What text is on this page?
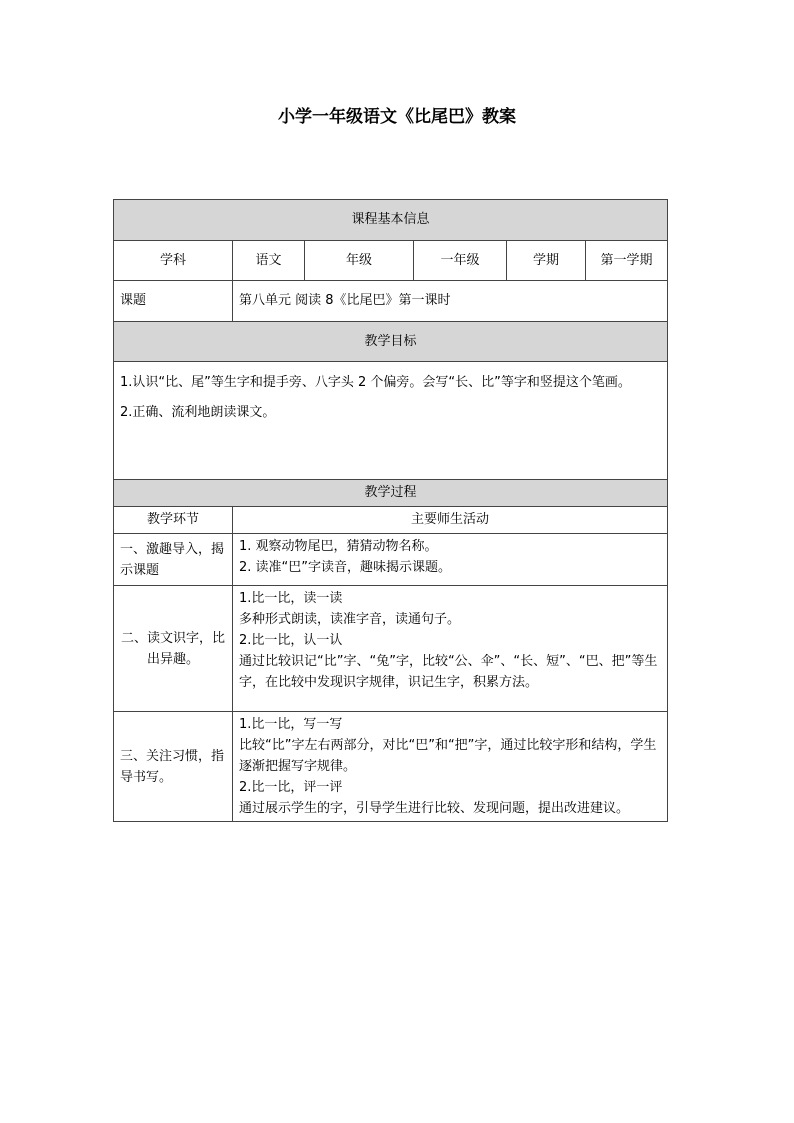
小学一年级语文《比尾巴》教案
课程基本信息					
学科	语文	年级	一年级	学期	第一学期
课题	第八单元 阅读 8《比尾巴》第一课时				
教学目标					

1.认识“比、尾”等生字和提手旁、八字头 2 个偏旁。会写“长、比”等字和竖提这个笔画。
2.正确、流利地朗读课文。					

教学过程					
教学环节	主要师生活动				
一、激趣导入，揭示课题	1. 观察动物尾巴，猜猜动物名称。
2. 读准“巴”字读音，趣味揭示课题。				

二、读文识字，比出异趣。	1.比一比，读一读
多种形式朗读，读准字音，读通句子。
2.比一比，认一认
通过比较识记“比”字、“兔”字，比较“公、伞”、“长、短”、“巴、把”等生字，在比较中发现识字规律，识记生字，积累方法。				

三、关注习惯，指导书写。	1.比一比，写一写
比较“比”字左右两部分，对比“巴”和“把”字，通过比较字形和结构，学生逐渐把握写字规律。
2.比一比，评一评
通过展示学生的字，引导学生进行比较、发现问题，提出改进建议。				
